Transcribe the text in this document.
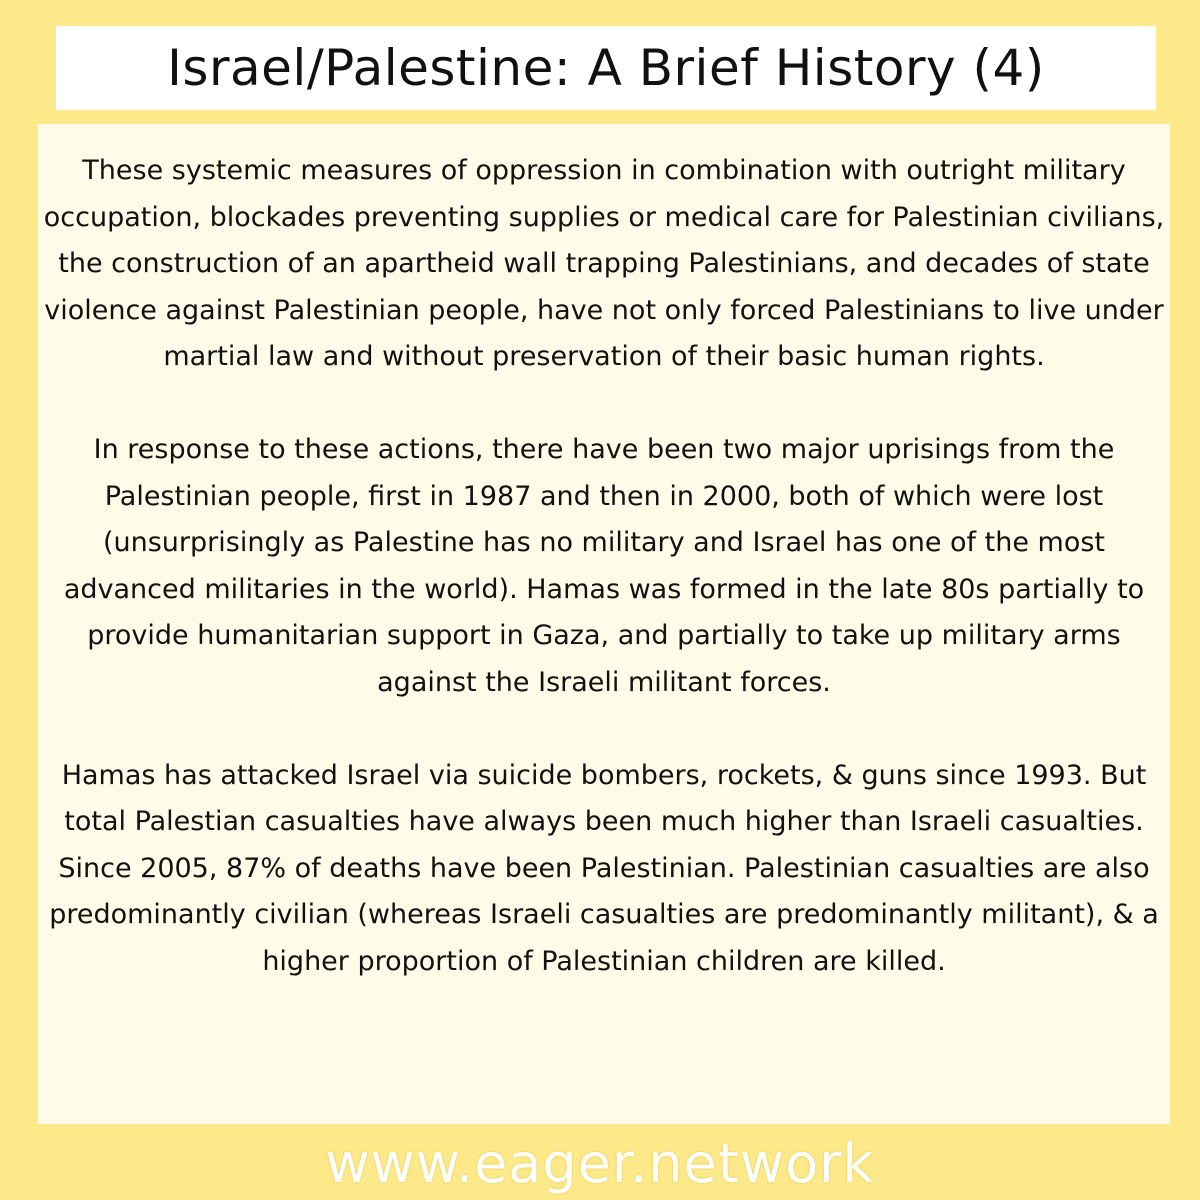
Israel/Palestine: A Brief History (4)

These systemic measures of oppression in combination with outright military occupation, blockades preventing supplies or medical care for Palestinian civilians, the construction of an apartheid wall trapping Palestinians, and decades of state violence against Palestinian people, have not only forced Palestinians to live under martial law and without preservation of their basic human rights.

In response to these actions, there have been two major uprisings from the Palestinian people, first in 1987 and then in 2000, both of which were lost (unsurprisingly as Palestine has no military and Israel has one of the most advanced militaries in the world). Hamas was formed in the late 80s partially to provide humanitarian support in Gaza, and partially to take up military arms against the Israeli militant forces.

Hamas has attacked Israel via suicide bombers, rockets, & guns since 1993. But total Palestian casualties have always been much higher than Israeli casualties. Since 2005, 87% of deaths have been Palestinian. Palestinian casualties are also predominantly civilian (whereas Israeli casualties are predominantly militant), & a higher proportion of Palestinian children are killed.

www.eager.network
